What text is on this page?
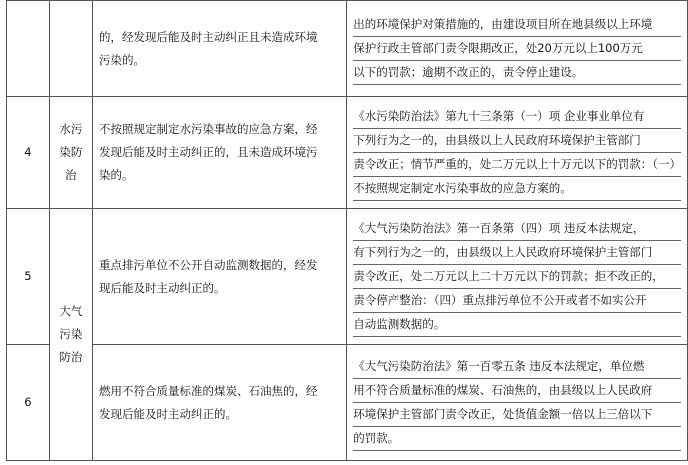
		的，经发现后能及时主动纠正且未造成环境
污染的。	出的环境保护对策措施的，由建设项目所在地县级以上环境
保护行政主管部门责令限期改正，处20万元以上100万元
以下的罚款；逾期不改正的，责令停止建设。

4	水污染防治	不按照规定制定水污染事故的应急方案，经
发现后能及时主动纠正的，且未造成环境污
染的。	《水污染防治法》第九十三条第（一）项 企业事业单位有
下列行为之一的，由县级以上人民政府环境保护主管部门
责令改正；情节严重的，处二万元以上十万元以下的罚款：（一）
不按照规定制定水污染事故的应急方案的。

5	大气污染防治	重点排污单位不公开自动监测数据的，经发
现后能及时主动纠正的。	《大气污染防治法》第一百条第（四）项 违反本法规定，
有下列行为之一的，由县级以上人民政府环境保护主管部门
责令改正，处二万元以上二十万元以下的罚款；拒不改正的，
责令停产整治：（四）重点排污单位不公开或者不如实公开
自动监测数据的。

6		燃用不符合质量标准的煤炭、石油焦的，经
发现后能及时主动纠正的。	《大气污染防治法》第一百零五条 违反本法规定，单位燃
用不符合质量标准的煤炭、石油焦的，由县级以上人民政府
环境保护主管部门责令改正，处货值金额一倍以上三倍以下
的罚款。
